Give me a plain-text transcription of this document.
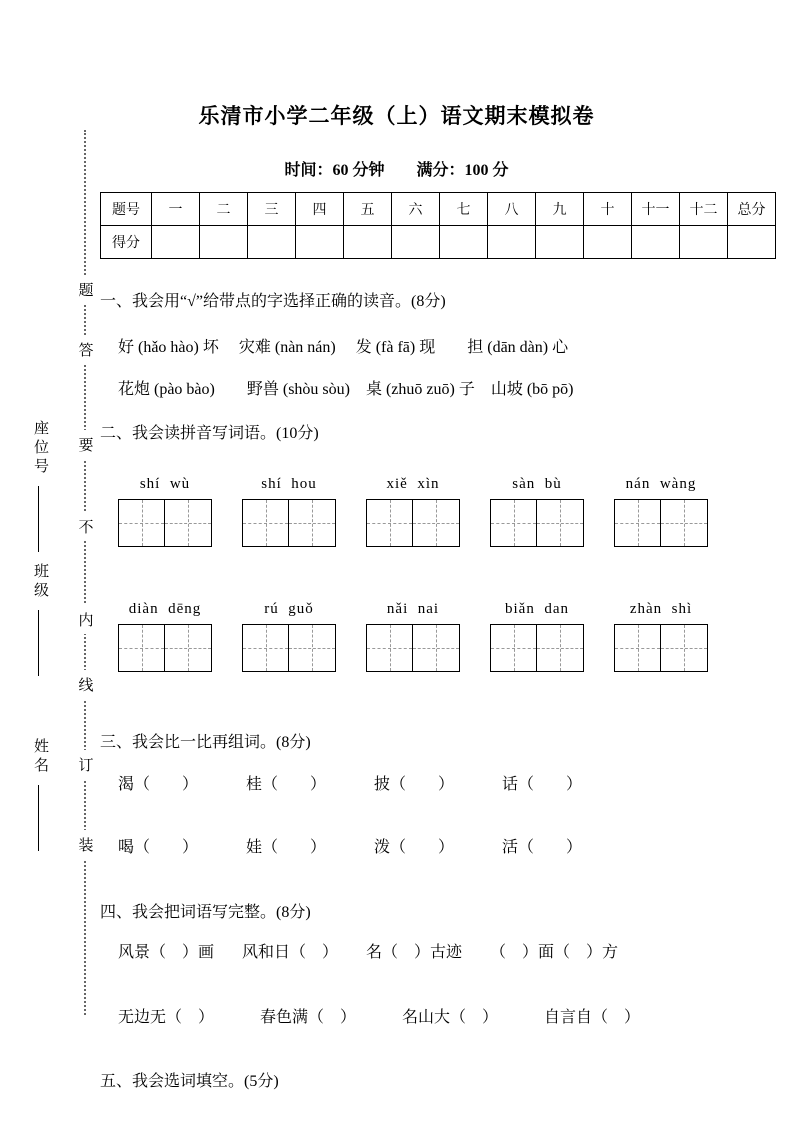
乐清市小学二年级（上）语文期末模拟卷
时间：60 分钟　　满分：100 分
题号	一	二	三	四	五	六	七	八	九	十	十一	十二	总分
得分													
题
答
要
不
内
线
订
装
座位号
班级
姓名
一、我会用“√”给带点的字选择正确的读音。(8分)
好 (hǎo hào) 坏　 灾难 (nàn nán)　 发 (fà fā) 现　　担 (dān dàn) 心
花炮 (pào bào)　　野兽 (shòu sòu)　桌 (zhuō zuō) 子　山坡 (bō pō)
二、我会读拼音写词语。(10分)
shí  wù	shí  hou	xiě  xìn	sàn  bù	nán  wàng
diàn  dēng	rú  guǒ	nǎi  nai	biǎn  dan	zhàn  shì
三、我会比一比再组词。(8分)
渴（　　）	桂（　　）	披（　　）	话（　　）
喝（　　）	娃（　　）	泼（　　）	活（　　）
四、我会把词语写完整。(8分)
风景（　）画 风和日（　） 名（　）古迹 （　）面（　）方
无边无（　）	春色满（　）	名山大（　）	自言自（　）
五、我会选词填空。(5分)
